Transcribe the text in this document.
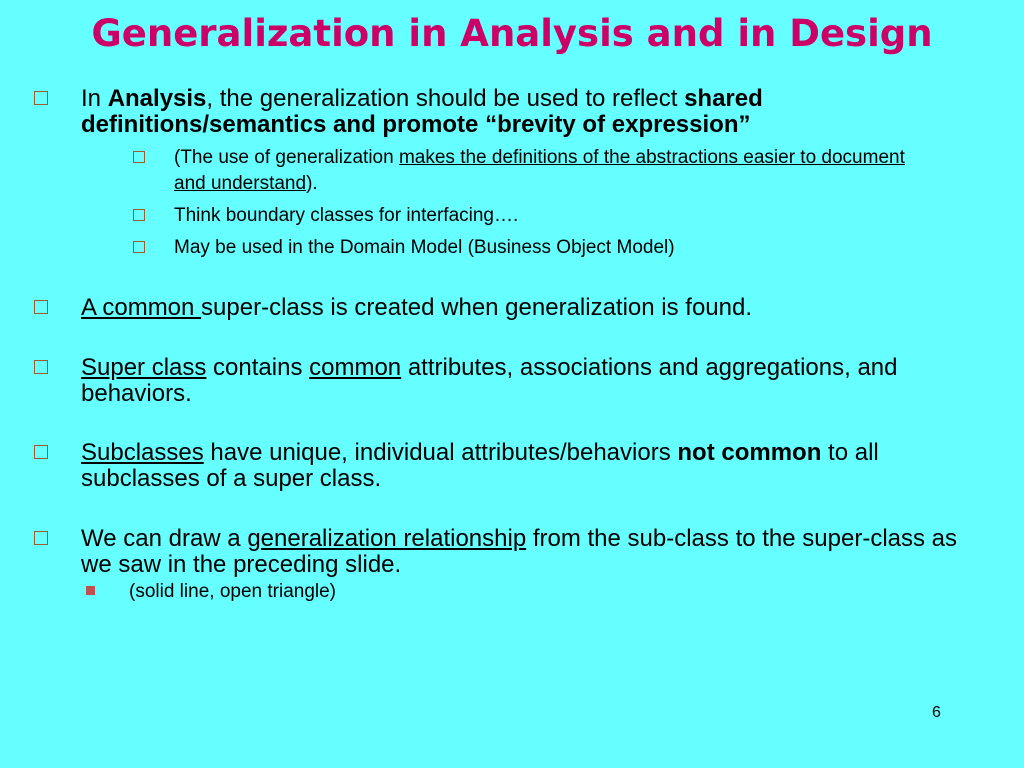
Generalization in Analysis and in Design
In Analysis, the generalization should be used to reflect shared definitions/semantics and promote “brevity of expression”
(The use of generalization makes the definitions of the abstractions easier to document and understand).
Think boundary classes for interfacing….
May be used in the Domain Model (Business Object Model)
A common super-class is created when generalization is found.
Super class contains common attributes, associations and aggregations, and behaviors.
Subclasses have unique, individual attributes/behaviors not common to all subclasses of a super class.
We can draw a generalization relationship from the sub-class to the super-class as we saw in the preceding slide.
(solid line, open triangle)
6
